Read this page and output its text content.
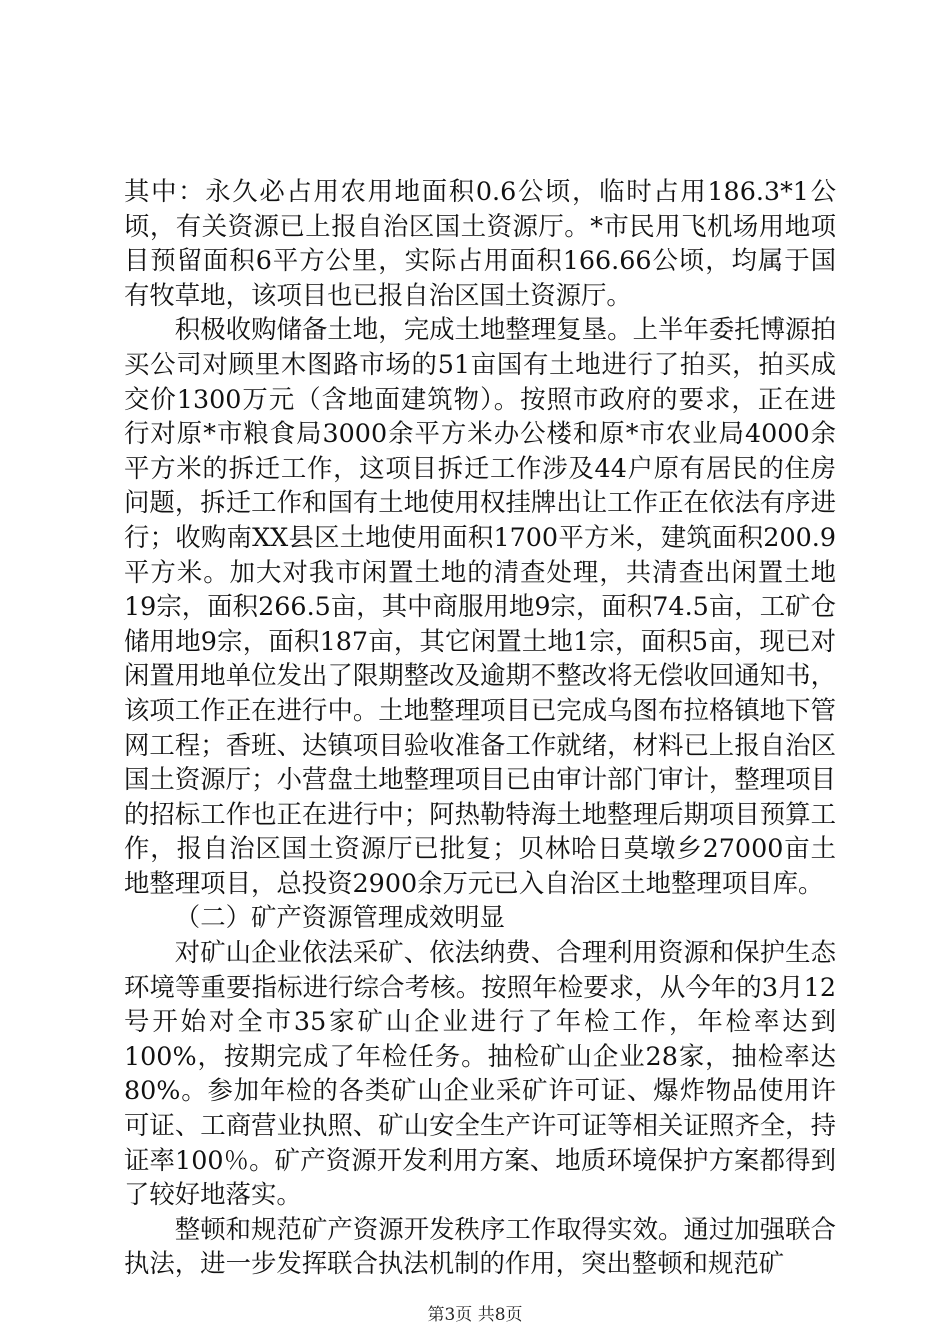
其中：永久必占用农用地面积0.6公顷，临时占用186.3*1公顷，有关资源已上报自治区国土资源厅。*市民用飞机场用地项目预留面积6平方公里，实际占用面积166.66公顷，均属于国有牧草地，该项目也已报自治区国土资源厅。

积极收购储备土地，完成土地整理复垦。上半年委托博源拍买公司对顾里木图路市场的51亩国有土地进行了拍买，拍买成交价1300万元（含地面建筑物）。按照市政府的要求，正在进行对原*市粮食局3000余平方米办公楼和原*市农业局4000余平方米的拆迁工作，这项目拆迁工作涉及44户原有居民的住房问题，拆迁工作和国有土地使用权挂牌出让工作正在依法有序进行；收购南XX县区土地使用面积1700平方米，建筑面积200.9平方米。加大对我市闲置土地的清查处理，共清查出闲置土地19宗，面积266.5亩，其中商服用地9宗，面积74.5亩，工矿仓储用地9宗，面积187亩，其它闲置土地1宗，面积5亩，现已对闲置用地单位发出了限期整改及逾期不整改将无偿收回通知书，该项工作正在进行中。土地整理项目已完成乌图布拉格镇地下管网工程；香班、达镇项目验收准备工作就绪，材料已上报自治区国土资源厅；小营盘土地整理项目已由审计部门审计，整理项目的招标工作也正在进行中；阿热勒特海土地整理后期项目预算工作，报自治区国土资源厅已批复；贝林哈日莫墩乡27000亩土地整理项目，总投资2900余万元已入自治区土地整理项目库。

（二）矿产资源管理成效明显

对矿山企业依法采矿、依法纳费、合理利用资源和保护生态环境等重要指标进行综合考核。按照年检要求，从今年的3月12号开始对全市35家矿山企业进行了年检工作，年检率达到100%，按期完成了年检任务。抽检矿山企业28家，抽检率达80%。参加年检的各类矿山企业采矿许可证、爆炸物品使用许可证、工商营业执照、矿山安全生产许可证等相关证照齐全，持证率100％。矿产资源开发利用方案、地质环境保护方案都得到了较好地落实。

整顿和规范矿产资源开发秩序工作取得实效。通过加强联合执法，进一步发挥联合执法机制的作用，突出整顿和规范矿

第3页 共8页
